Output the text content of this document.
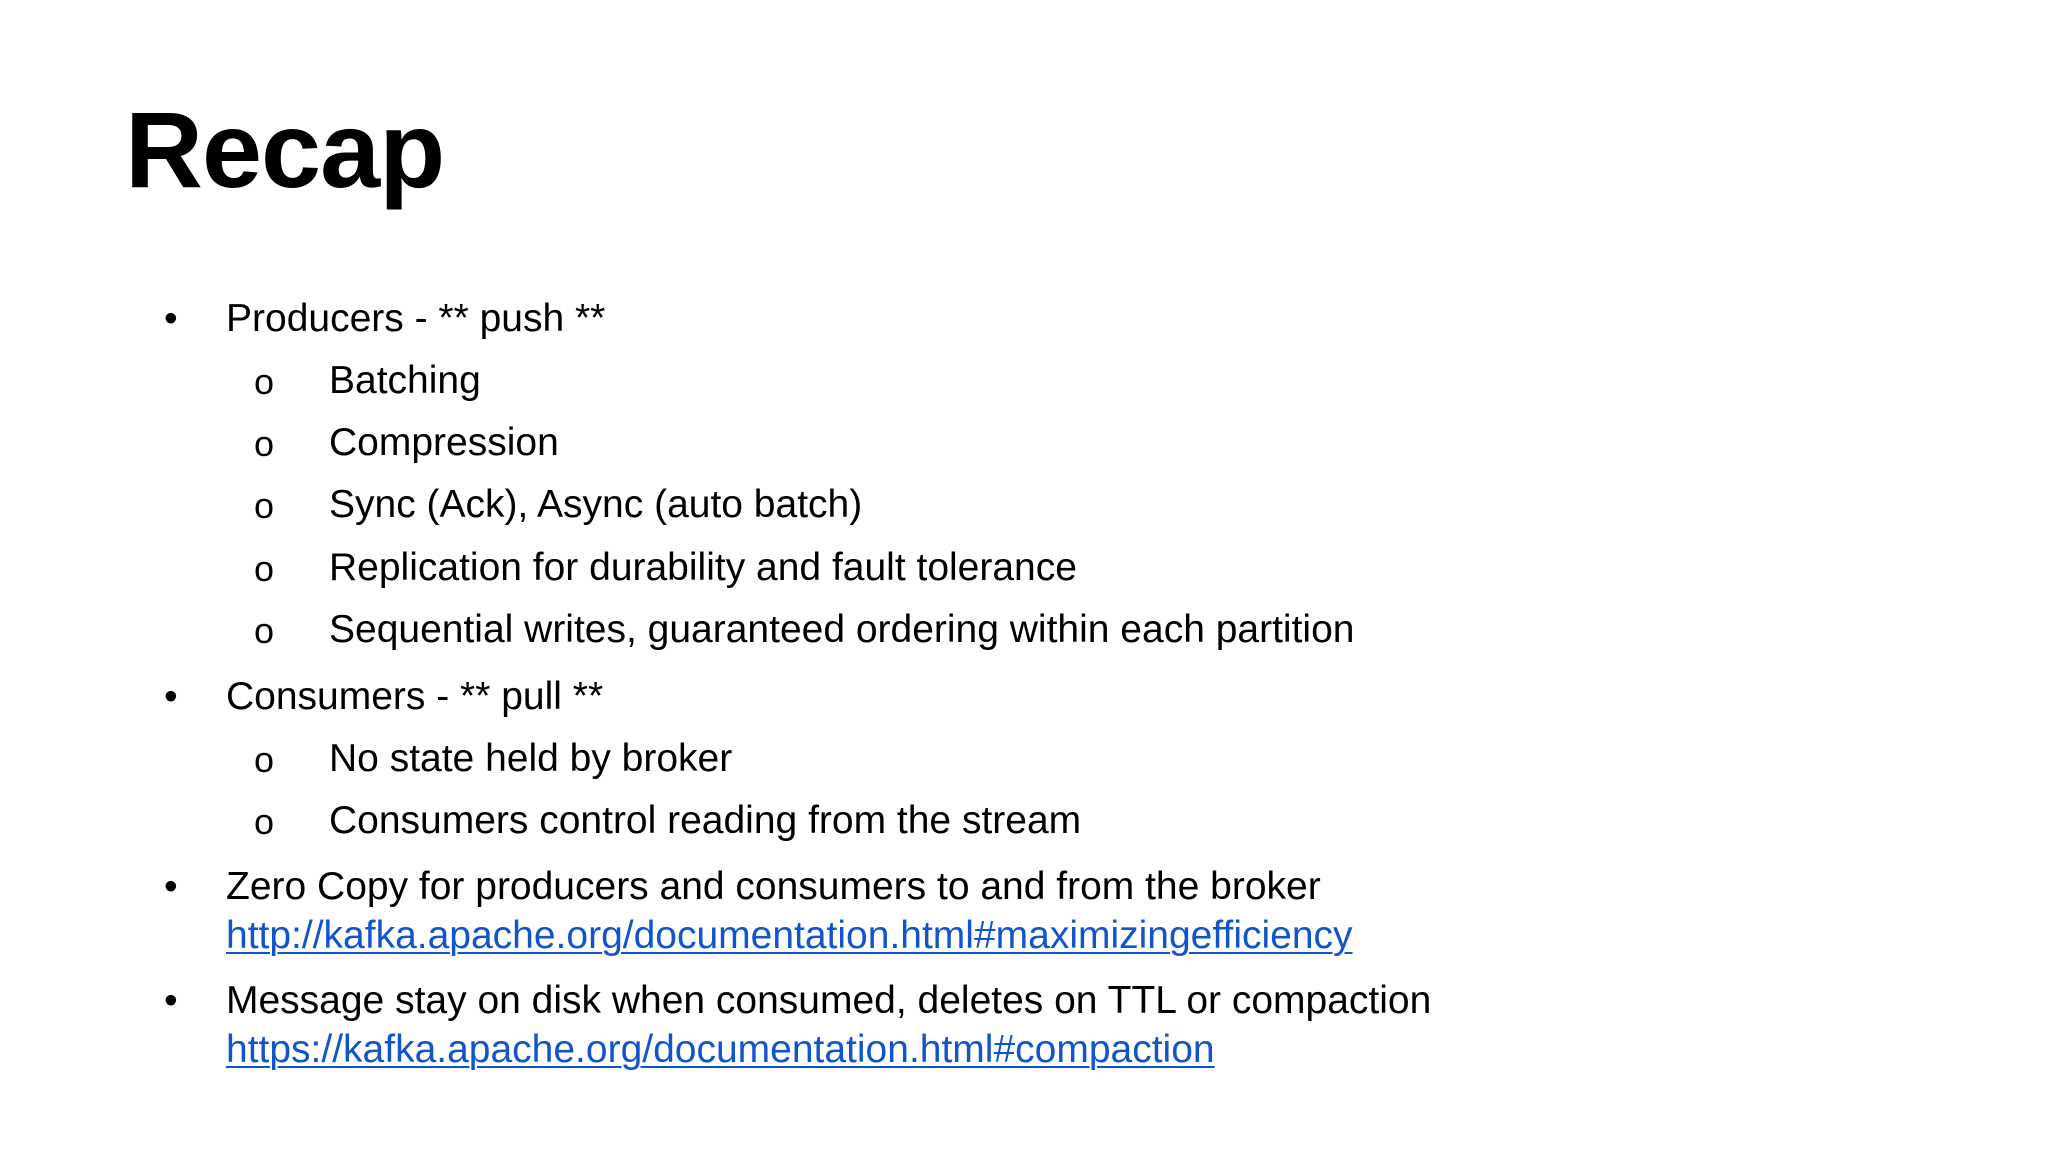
Recap
• Producers - ** push **
o Batching
o Compression
o Sync (Ack), Async (auto batch)
o Replication for durability and fault tolerance
o Sequential writes, guaranteed ordering within each partition
• Consumers - ** pull **
o No state held by broker
o Consumers control reading from the stream
• Zero Copy for producers and consumers to and from the broker
http://kafka.apache.org/documentation.html#maximizingefficiency
• Message stay on disk when consumed, deletes on TTL or compaction
https://kafka.apache.org/documentation.html#compaction
